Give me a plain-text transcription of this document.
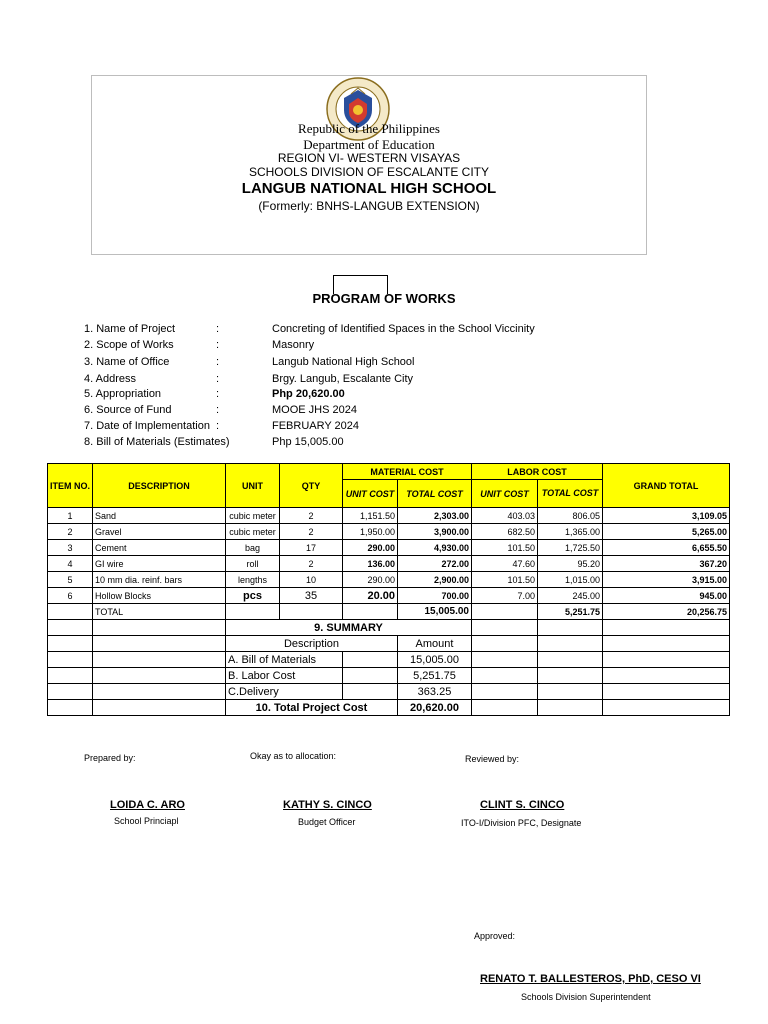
Republic of the Philippines
Department of Education
REGION VI- WESTERN VISAYAS
SCHOOLS DIVISION OF ESCALANTE CITY
LANGUB NATIONAL HIGH SCHOOL
(Formerly: BNHS-LANGUB EXTENSION)
PROGRAM OF WORKS
1. Name of Project	:	Concreting of Identified Spaces in the School Viccinity
2. Scope of Works	:	Masonry
3. Name of Office	:	Langub National High School
4. Address	:	Brgy. Langub, Escalante City
5. Appropriation	:	Php 20,620.00
6. Source of Fund	:	MOOE JHS 2024
7. Date of Implementation :	FEBRUARY 2024
8. Bill of Materials (Estimates)	Php 15,005.00
ITEM NO.	DESCRIPTION	UNIT	QTY	MATERIAL COST		LABOR COST		GRAND TOTAL
				UNIT COST	TOTAL COST	UNIT COST	TOTAL COST	
1	Sand	cubic meter	2	1,151.50	2,303.00	403.03	806.05	3,109.05
2	Gravel	cubic meter	2	1,950.00	3,900.00	682.50	1,365.00	5,265.00
3	Cement	bag	17	290.00	4,930.00	101.50	1,725.50	6,655.50
4	GI wire	roll	2	136.00	272.00	47.60	95.20	367.20
5	10 mm dia. reinf. bars	lengths	10	290.00	2,900.00	101.50	1,015.00	3,915.00
6	Hollow Blocks	pcs	35	20.00	700.00	7.00	245.00	945.00
	TOTAL				15,005.00		5,251.75	20,256.75
		9. SUMMARY						
		Description			Amount			
		A. Bill of Materials			15,005.00			
		B. Labor Cost			5,251.75			
		C.Delivery			363.25			
		10. Total Project Cost			20,620.00			
Prepared by:	Okay as to allocation:	Reviewed by:
LOIDA C. ARO
School Princiapl
KATHY S. CINCO
Budget Officer
CLINT S. CINCO
ITO-I/Division PFC, Designate
Approved:
RENATO T. BALLESTEROS, PhD, CESO VI
Schools Division Superintendent
